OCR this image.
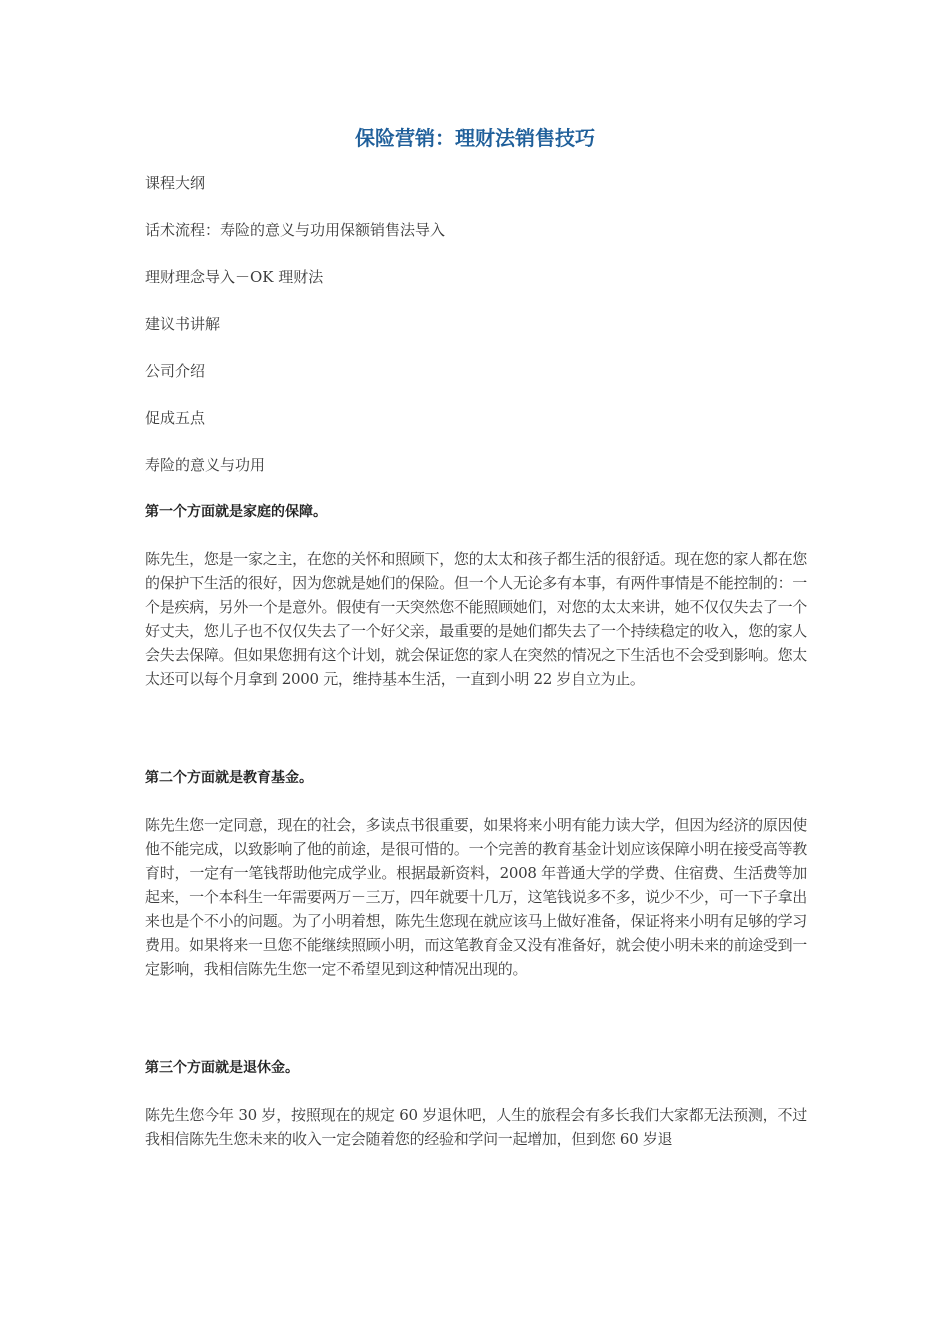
保险营销：理财法销售技巧

课程大纲

话术流程：寿险的意义与功用保额销售法导入

理财理念导入－OK 理财法

建议书讲解

公司介绍

促成五点

寿险的意义与功用

第一个方面就是家庭的保障。

陈先生，您是一家之主，在您的关怀和照顾下，您的太太和孩子都生活的很舒适。现在您的家人都在您的保护下生活的很好，因为您就是她们的保险。但一个人无论多有本事，有两件事情是不能控制的：一个是疾病，另外一个是意外。假使有一天突然您不能照顾她们，对您的太太来讲，她不仅仅失去了一个好丈夫，您儿子也不仅仅失去了一个好父亲，最重要的是她们都失去了一个持续稳定的收入，您的家人会失去保障。但如果您拥有这个计划，就会保证您的家人在突然的情况之下生活也不会受到影响。您太太还可以每个月拿到 2000 元，维持基本生活，一直到小明 22 岁自立为止。

第二个方面就是教育基金。

陈先生您一定同意，现在的社会，多读点书很重要，如果将来小明有能力读大学，但因为经济的原因使他不能完成，以致影响了他的前途，是很可惜的。一个完善的教育基金计划应该保障小明在接受高等教育时，一定有一笔钱帮助他完成学业。根据最新资料，2008 年普通大学的学费、住宿费、生活费等加起来，一个本科生一年需要两万－三万，四年就要十几万，这笔钱说多不多，说少不少，可一下子拿出来也是个不小的问题。为了小明着想，陈先生您现在就应该马上做好准备，保证将来小明有足够的学习费用。如果将来一旦您不能继续照顾小明，而这笔教育金又没有准备好，就会使小明未来的前途受到一定影响，我相信陈先生您一定不希望见到这种情况出现的。

第三个方面就是退休金。

陈先生您今年 30 岁，按照现在的规定 60 岁退休吧，人生的旅程会有多长我们大家都无法预测，不过我相信陈先生您未来的收入一定会随着您的经验和学问一起增加，但到您 60 岁退
